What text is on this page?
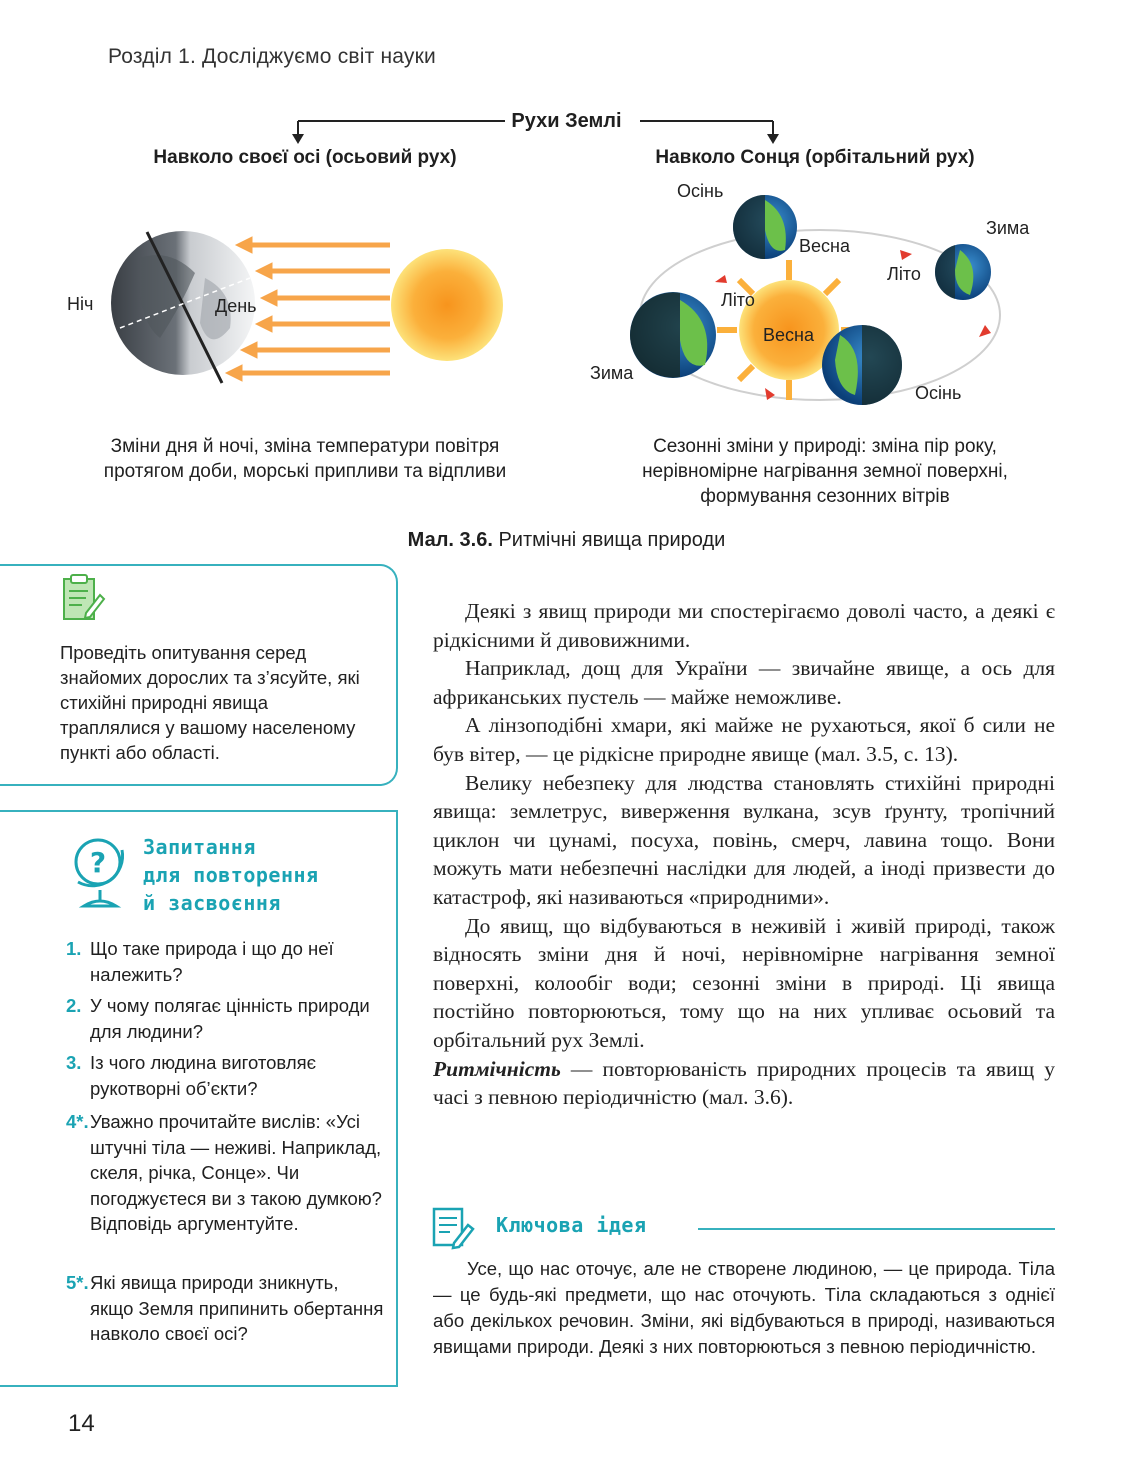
Розділ 1. Досліджуємо світ науки
Рухи Землі
Навколо своєї осі (осьовий рух)	Навколо Сонця (орбітальний рух)
Ніч	День
Осінь
Весна
Зима
Літо
Літо
Весна
Зима
Осінь
Зміни дня й ночі, зміна температури повітря протягом доби, морські припливи та відпливи
Сезонні зміни у природі: зміна пір року, нерівномірне нагрівання земної поверхні, формування сезонних вітрів
Мал. 3.6. Ритмічні явища природи
Проведіть опитування серед знайомих дорослих та з’ясуйте, які стихійні природні явища траплялися у вашому населеному пункті або області.
? Запитання
для повторення
й засвоєння
1. Що таке природа і що до неї належить?
2. У чому полягає цінність природи для людини?
3. Із чого людина виготовляє рукотворні об’єкти?
4*. Уважно прочитайте вислів: «Усі штучні тіла — неживі. Наприклад, скеля, річка, Сонце». Чи погоджуєтеся ви з такою думкою? Відповідь аргументуйте.
5*. Які явища природи зникнуть, якщо Земля припинить обертання навколо своєї осі?

Деякі з явищ природи ми спостерігаємо доволі часто, а деякі є рідкісними й дивовижними.

Наприклад, дощ для України — звичайне явище, а ось для африканських пустель — майже неможливе.

А лінзоподібні хмари, які майже не рухаються, якої б сили не був вітер, — це рідкісне природне явище (мал. 3.5, с. 13).

Велику небезпеку для людства становлять стихійні природні явища: землетрус, виверження вулкана, зсув ґрунту, тропічний циклон чи цунамі, посуха, повінь, смерч, лавина тощо. Вони можуть мати небезпечні наслідки для людей, а іноді призвести до катастроф, які називаються «природними».

До явищ, що відбуваються в неживій і живій природі, також відносять зміни дня й ночі, нерівномірне нагрівання земної поверхні, колообіг води; сезонні зміни в природі. Ці явища постійно повторюються, тому що на них упливає осьовий та орбітальний рух Землі.

Ритмічність — повторюваність природних процесів та явищ у часі з певною періодичністю (мал. 3.6).

Ключова ідея

Усе, що нас оточує, але не створене людиною, — це природа. Тіла — це будь-які предмети, що нас оточують. Тіла складаються з однієї або декількох речовин. Зміни, які відбуваються в природі, називаються явищами природи. Деякі з них повторюються з певною періодичністю.

14
